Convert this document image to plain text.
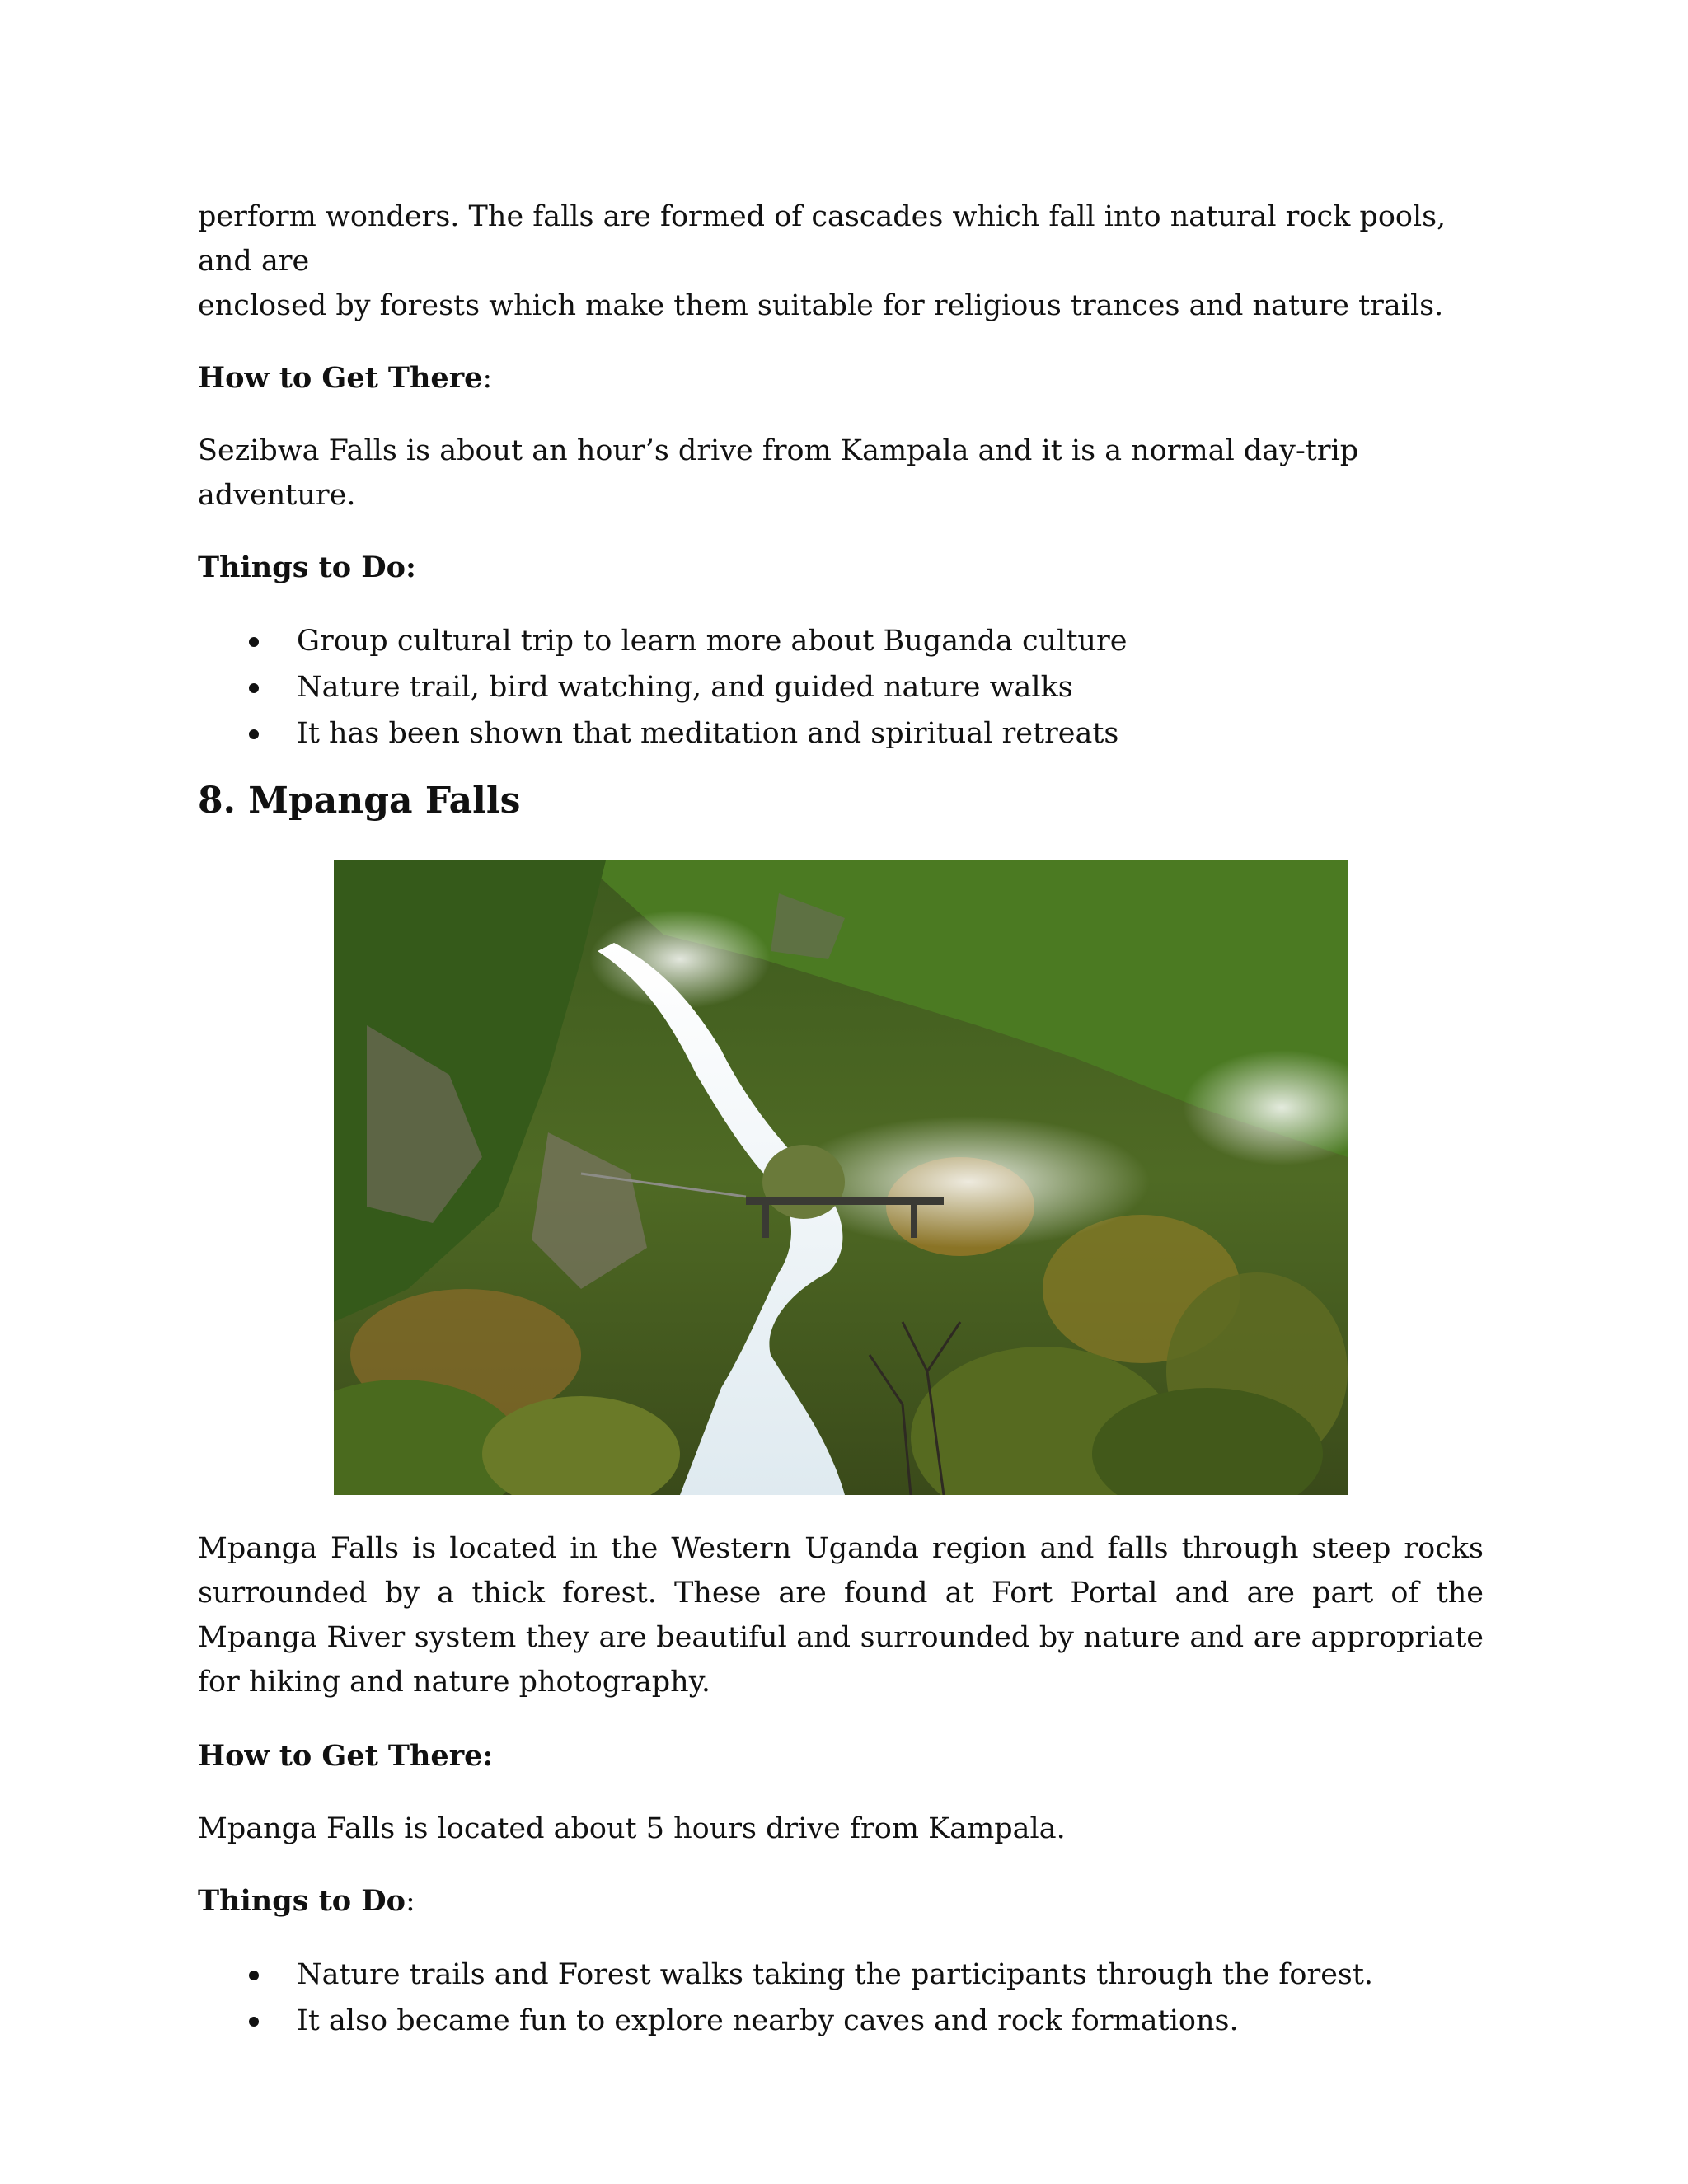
perform wonders. The falls are formed of cascades which fall into natural rock pools, and are

enclosed by forests which make them suitable for religious trances and nature trails.

How to Get There:

Sezibwa Falls is about an hour’s drive from Kampala and it is a normal day-trip adventure.

Things to Do:

Group cultural trip to learn more about Buganda culture
Nature trail, bird watching, and guided nature walks
It has been shown that meditation and spiritual retreats
8. Mpanga Falls

Mpanga Falls is located in the Western Uganda region and falls through steep rocks surrounded by a thick forest. These are found at Fort Portal and are part of the Mpanga River system they are beautiful and surrounded by nature and are appropriate for hiking and nature photography.

How to Get There:

Mpanga Falls is located about 5 hours drive from Kampala.

Things to Do:

Nature trails and Forest walks taking the participants through the forest.
It also became fun to explore nearby caves and rock formations.
